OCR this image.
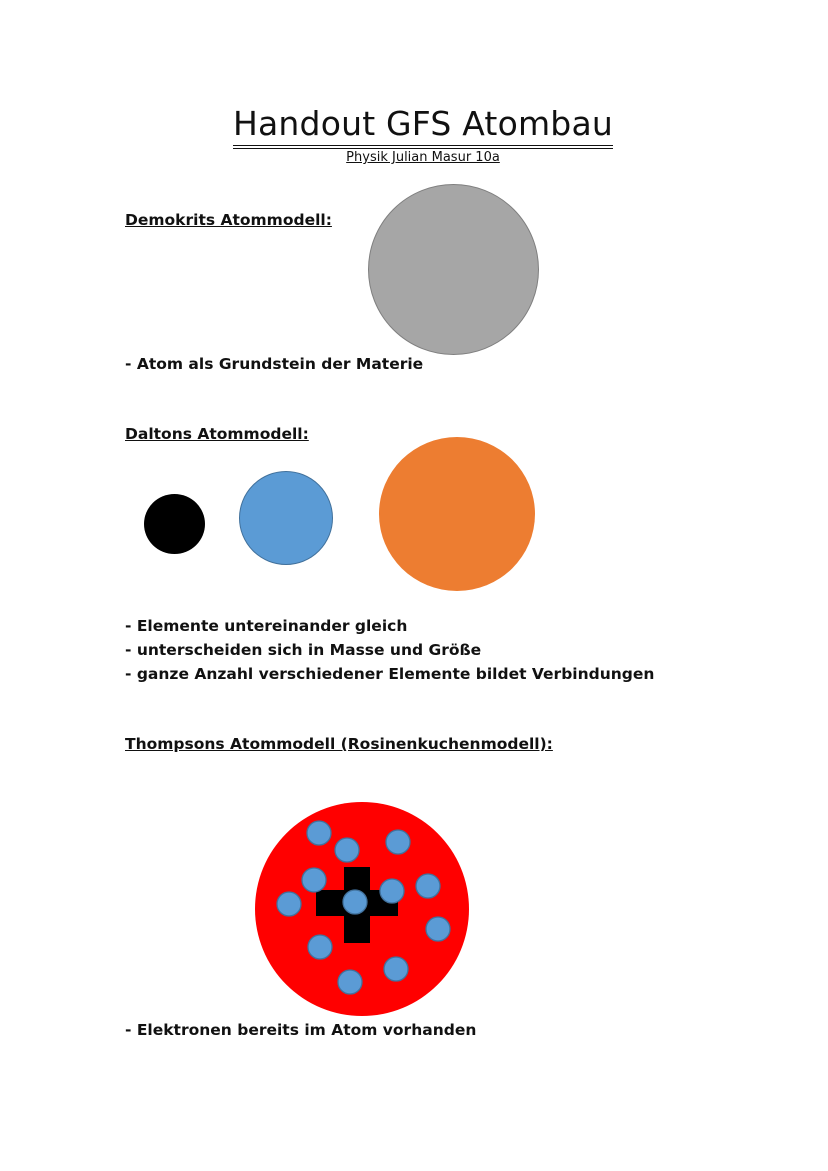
Handout GFS Atombau
Physik Julian Masur 10a
Demokrits Atommodell:
- Atom als Grundstein der Materie
Daltons Atommodell:
- Elemente untereinander gleich
- unterscheiden sich in Masse und Größe
- ganze Anzahl verschiedener Elemente bildet Verbindungen
Thompsons Atommodell (Rosinenkuchenmodell):
- Elektronen bereits im Atom vorhanden
